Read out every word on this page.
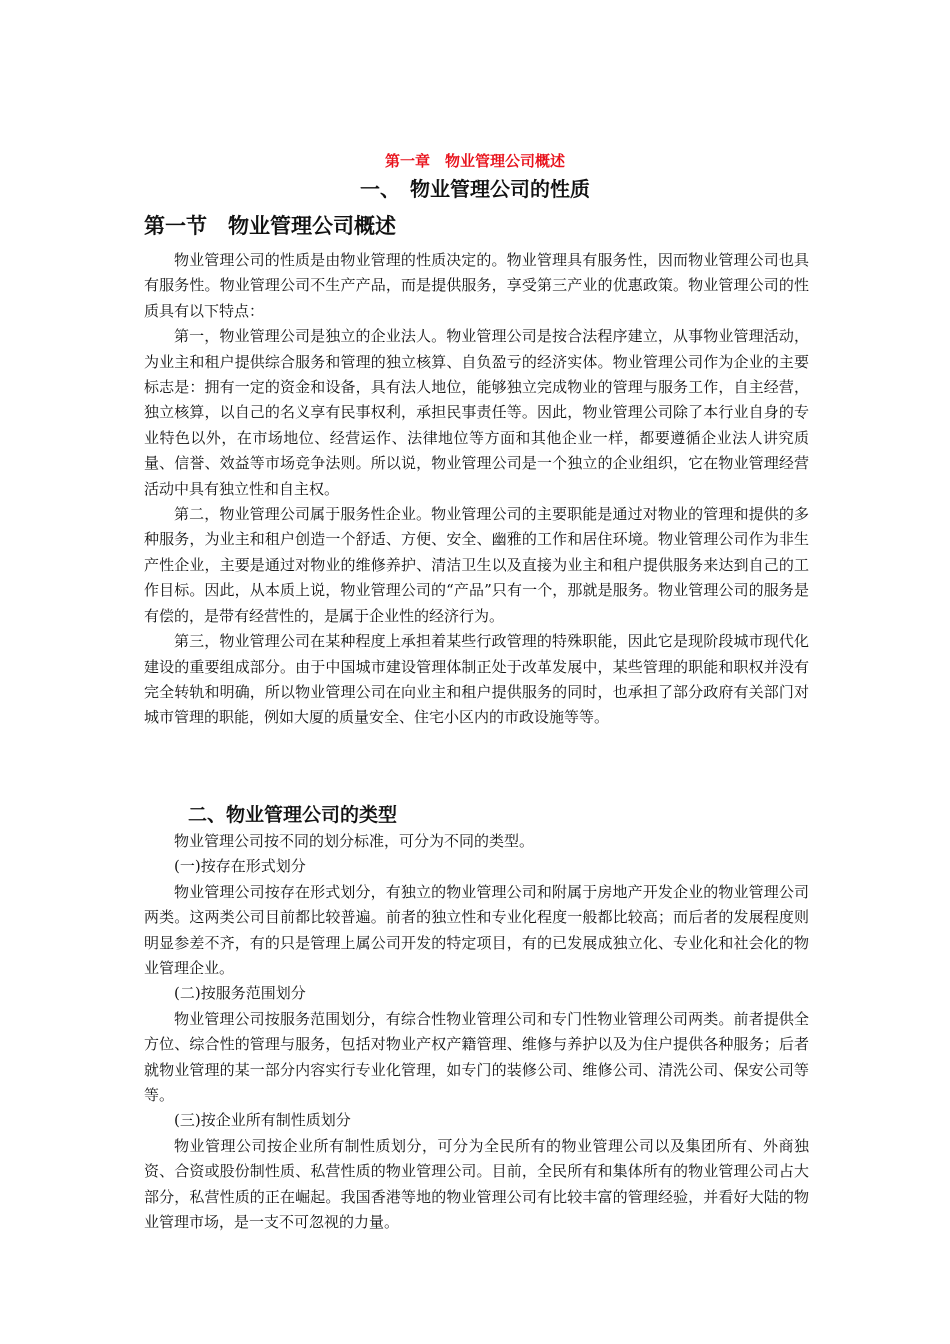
第一章　物业管理公司概述
一、　物业管理公司的性质
第一节　物业管理公司概述

物业管理公司的性质是由物业管理的性质决定的。物业管理具有服务性，因而物业管理公司也具有服务性。物业管理公司不生产产品，而是提供服务，享受第三产业的优惠政策。物业管理公司的性质具有以下特点：

第一，物业管理公司是独立的企业法人。物业管理公司是按合法程序建立，从事物业管理活动，为业主和租户提供综合服务和管理的独立核算、自负盈亏的经济实体。物业管理公司作为企业的主要标志是：拥有一定的资金和设备，具有法人地位，能够独立完成物业的管理与服务工作，自主经营，独立核算，以自己的名义享有民事权利，承担民事责任等。因此，物业管理公司除了本行业自身的专业特色以外，在市场地位、经营运作、法律地位等方面和其他企业一样，都要遵循企业法人讲究质量、信誉、效益等市场竞争法则。所以说，物业管理公司是一个独立的企业组织，它在物业管理经营活动中具有独立性和自主权。

第二，物业管理公司属于服务性企业。物业管理公司的主要职能是通过对物业的管理和提供的多种服务，为业主和租户创造一个舒适、方便、安全、幽雅的工作和居住环境。物业管理公司作为非生产性企业，主要是通过对物业的维修养护、清洁卫生以及直接为业主和租户提供服务来达到自己的工作目标。因此，从本质上说，物业管理公司的“产品”只有一个，那就是服务。物业管理公司的服务是有偿的，是带有经营性的，是属于企业性的经济行为。

第三，物业管理公司在某种程度上承担着某些行政管理的特殊职能，因此它是现阶段城市现代化建设的重要组成部分。由于中国城市建设管理体制正处于改革发展中，某些管理的职能和职权并没有完全转轨和明确，所以物业管理公司在向业主和租户提供服务的同时，也承担了部分政府有关部门对城市管理的职能，例如大厦的质量安全、住宅小区内的市政设施等等。

二、物业管理公司的类型

物业管理公司按不同的划分标准，可分为不同的类型。

(一)按存在形式划分

物业管理公司按存在形式划分，有独立的物业管理公司和附属于房地产开发企业的物业管理公司两类。这两类公司目前都比较普遍。前者的独立性和专业化程度一般都比较高；而后者的发展程度则明显参差不齐，有的只是管理上属公司开发的特定项目，有的已发展成独立化、专业化和社会化的物业管理企业。

(二)按服务范围划分

物业管理公司按服务范围划分，有综合性物业管理公司和专门性物业管理公司两类。前者提供全方位、综合性的管理与服务，包括对物业产权产籍管理、维修与养护以及为住户提供各种服务；后者就物业管理的某一部分内容实行专业化管理，如专门的装修公司、维修公司、清洗公司、保安公司等等。

(三)按企业所有制性质划分

物业管理公司按企业所有制性质划分，可分为全民所有的物业管理公司以及集团所有、外商独资、合资或股份制性质、私营性质的物业管理公司。目前，全民所有和集体所有的物业管理公司占大部分，私营性质的正在崛起。我国香港等地的物业管理公司有比较丰富的管理经验，并看好大陆的物业管理市场，是一支不可忽视的力量。
